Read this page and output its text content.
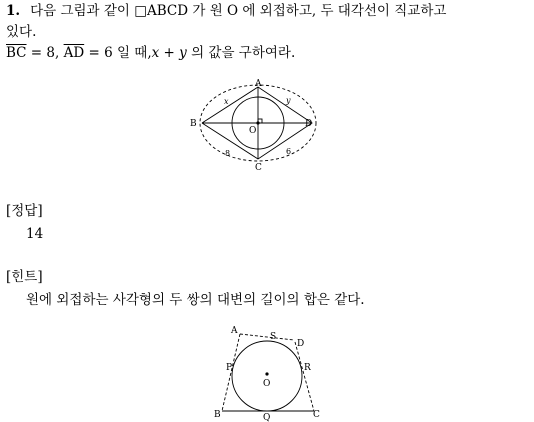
1. 다음 그림과 같이 □ABCD 가 원 O 에 외접하고, 두 대각선이 직교하고
있다.
$\overline{BC} = 8$, $\overline{AD} = 6$ 일 때,x + y 의 값을 구하여라.
A
B
C
D
O
x	y
8	6
[정답]
14
[힌트]
원에 외접하는 사각형의 두 쌍의 대변의 길이의 합은 같다.
A
S
D
P	R
O
B	Q	C
